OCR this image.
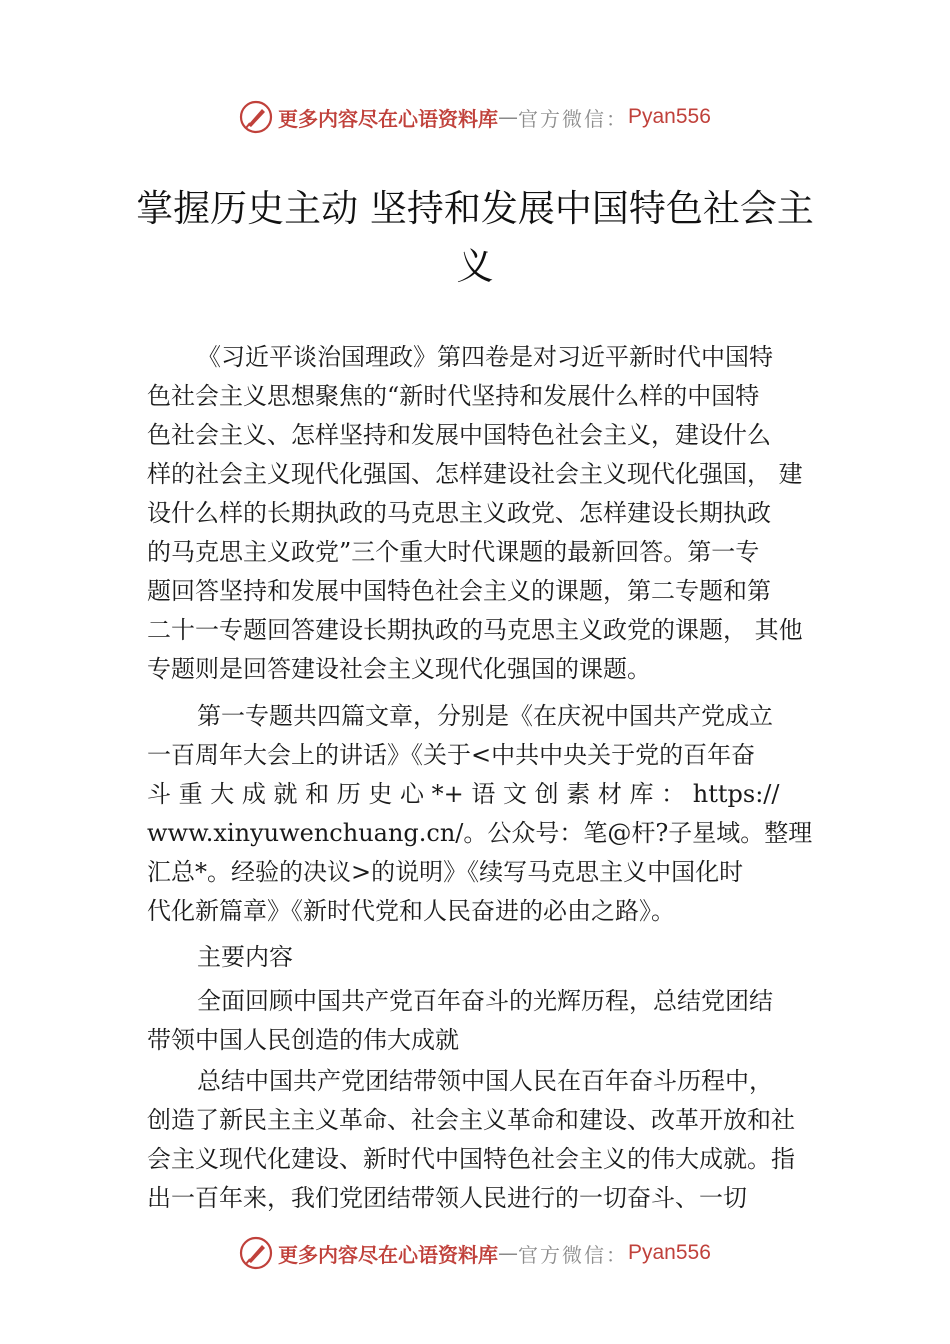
更多内容尽在心语资料库 — 官方微信： Pyan556
掌握历史主动 坚持和发展中国特色社会主
义
《习近平谈治国理政》第四卷是对习近平新时代中国特
色社会主义思想聚焦的“新时代坚持和发展什么样的中国特
色社会主义、怎样坚持和发展中国特色社会主义，建设什么
样的社会主义现代化强国、怎样建设社会主义现代化强国， 建
设什么样的长期执政的马克思主义政党、怎样建设长期执政
的马克思主义政党”三个重大时代课题的最新回答。第一专
题回答坚持和发展中国特色社会主义的课题，第二专题和第
二十一专题回答建设长期执政的马克思主义政党的课题， 其他
专题则是回答建设社会主义现代化强国的课题。
第一专题共四篇文章，分别是《在庆祝中国共产党成立
一百周年大会上的讲话》《关于<中共中央关于党的百年奋
斗 重 大 成 就 和 历 史 心 *+ 语 文 创 素 材 库 ： https://
www.xinyuwenchuang.cn/。公众号：笔@杆?子星域。整理
汇总*。经验的决议>的说明》《续写马克思主义中国化时
代化新篇章》《新时代党和人民奋进的必由之路》。
主要内容
全面回顾中国共产党百年奋斗的光辉历程，总结党团结
带领中国人民创造的伟大成就
总结中国共产党团结带领中国人民在百年奋斗历程中，
创造了新民主主义革命、社会主义革命和建设、改革开放和社
会主义现代化建设、新时代中国特色社会主义的伟大成就。指
出一百年来，我们党团结带领人民进行的一切奋斗、一切
更多内容尽在心语资料库 — 官方微信： Pyan556
